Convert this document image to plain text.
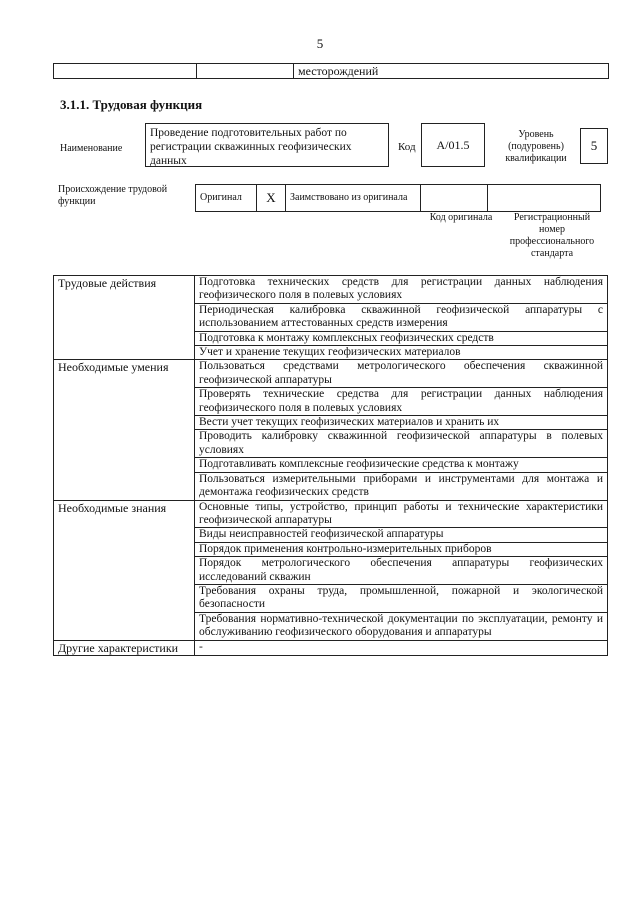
5
		месторождений
3.1.1. Трудовая функция
Наименование
Проведение подготовительных работ по регистрации скважинных геофизических данных
Код	A/01.5
Уровень (подуровень) квалификации
5
Происхождение трудовой функции	Оригинал	X	Заимствовано из оригинала		
Код оригинала	Регистрационный номер профессионального стандарта
Трудовые действия	Подготовка технических средств для регистрации данных наблюдения геофизического поля в полевых условиях
	Периодическая калибровка скважинной геофизической аппаратуры с использованием аттестованных средств измерения
	Подготовка к монтажу комплексных геофизических средств
	Учет и хранение текущих геофизических материалов
Необходимые умения	Пользоваться средствами метрологического обеспечения скважинной геофизической аппаратуры
	Проверять технические средства для регистрации данных наблюдения геофизического поля в полевых условиях
	Вести учет текущих геофизических материалов и хранить их
	Проводить калибровку скважинной геофизической аппаратуры в полевых условиях
	Подготавливать комплексные геофизические средства к монтажу
	Пользоваться измерительными приборами и инструментами для монтажа и демонтажа геофизических средств
Необходимые знания	Основные типы, устройство, принцип работы и технические характеристики геофизической аппаратуры
	Виды неисправностей геофизической аппаратуры
	Порядок применения контрольно-измерительных приборов
	Порядок метрологического обеспечения аппаратуры геофизических исследований скважин
	Требования охраны труда, промышленной, пожарной и экологической безопасности
	Требования нормативно-технической документации по эксплуатации, ремонту и обслуживанию геофизического оборудования и аппаратуры
Другие характеристики	-
